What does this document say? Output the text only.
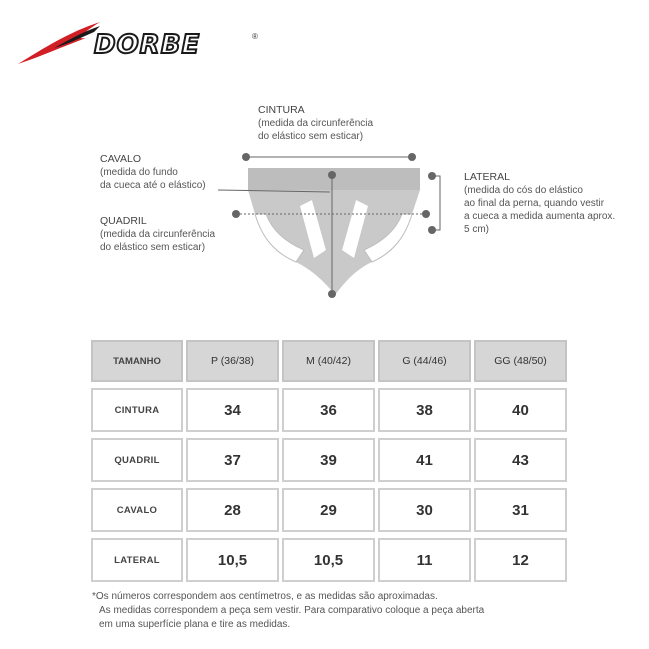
DORBE	®
CINTURA
(medida da circunferência
do elástico sem esticar)
CAVALO
(medida do fundo
da cueca até o elástico)
QUADRIL
(medida da circunferência
do elástico sem esticar)
LATERAL
(medida do cós do elástico
ao final da perna, quando vestir
a cueca a medida aumenta aprox.
5 cm)
TAMANHO	P (36/38)	M (40/42)	G (44/46)	GG (48/50)
CINTURA	34	36	38	40
QUADRIL	37	39	41	43
CAVALO	28	29	30	31
LATERAL	10,5	10,5	11	12
*Os números correspondem aos centímetros, e as medidas são aproximadas.
As medidas correspondem a peça sem vestir. Para comparativo coloque a peça aberta
em uma superfície plana e tire as medidas.
